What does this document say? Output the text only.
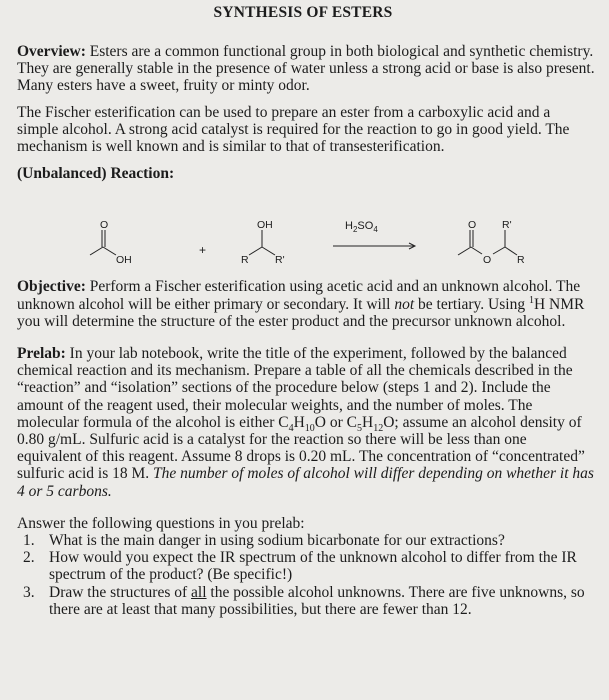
SYNTHESIS OF ESTERS

Overview: Esters are a common functional group in both biological and synthetic chemistry. They are generally stable in the presence of water unless a strong acid or base is also present. Many esters have a sweet, fruity or minty odor.

The Fischer esterification can be used to prepare an ester from a carboxylic acid and a simple alcohol. A strong acid catalyst is required for the reaction to go in good yield. The mechanism is well known and is similar to that of transesterification.

(Unbalanced) Reaction:

O
OH
+
OH
R	R'
$H_2SO_4$	O R'
O R

Objective: Perform a Fischer esterification using acetic acid and an unknown alcohol. The unknown alcohol will be either primary or secondary. It will not be tertiary. Using $^1$H NMR you will determine the structure of the ester product and the precursor unknown alcohol.

Prelab: In your lab notebook, write the title of the experiment, followed by the balanced chemical reaction and its mechanism. Prepare a table of all the chemicals described in the “reaction” and “isolation” sections of the procedure below (steps 1 and 2). Include the amount of the reagent used, their molecular weights, and the number of moles. The molecular formula of the alcohol is either $C_4H_{10}O$ or $C_5H_{12}O$; assume an alcohol density of 0.80 g/mL. Sulfuric acid is a catalyst for the reaction so there will be less than one equivalent of this reagent. Assume 8 drops is 0.20 mL. The concentration of “concentrated” sulfuric acid is 18 M. The number of moles of alcohol will differ depending on whether it has 4 or 5 carbons.

Answer the following questions in you prelab:

1. What is the main danger in using sodium bicarbonate for our extractions?
2. How would you expect the IR spectrum of the unknown alcohol to differ from the IR spectrum of the product? (Be specific!)
3. Draw the structures of all the possible alcohol unknowns. There are five unknowns, so there are at least that many possibilities, but there are fewer than 12.
